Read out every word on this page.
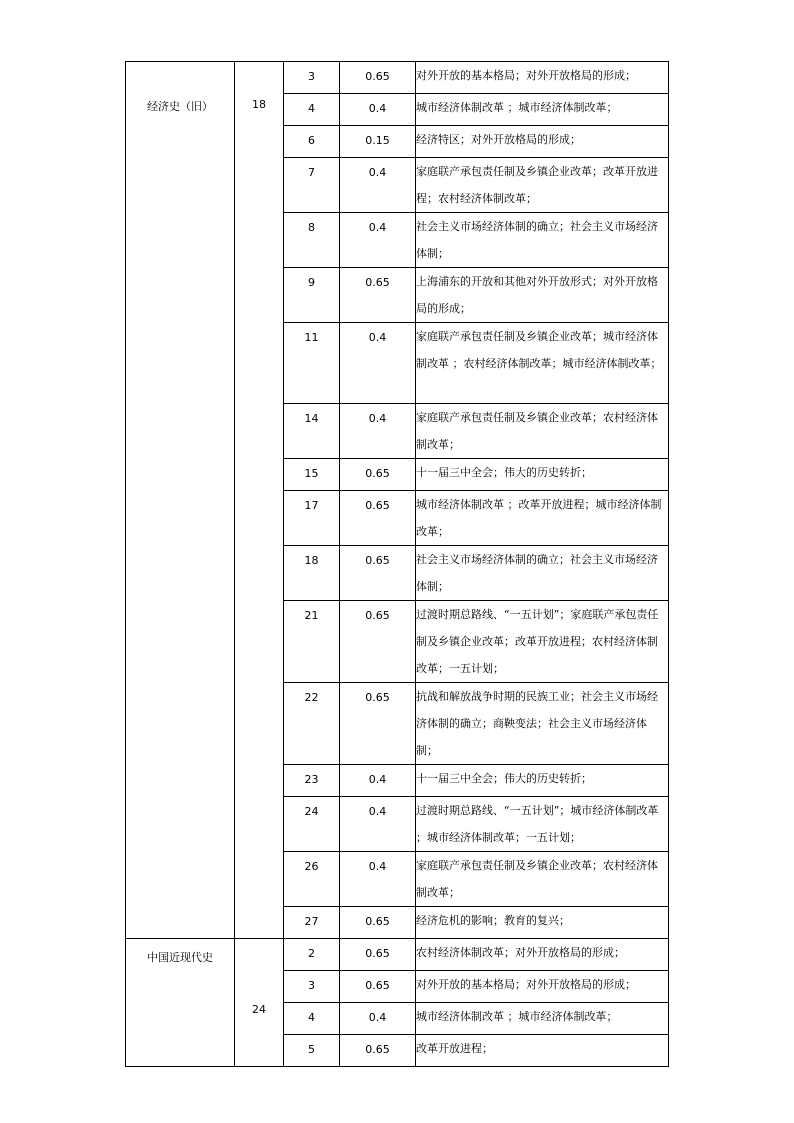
经济史（旧）	18	3	0.65	对外开放的基本格局；对外开放格局的形成；

		4	0.4	城市经济体制改革 ；城市经济体制改革；

		6	0.15	经济特区；对外开放格局的形成；

		7	0.4	家庭联产承包责任制及乡镇企业改革；改革开放进程；农村经济体制改革；

		8	0.4	社会主义市场经济体制的确立；社会主义市场经济体制；

		9	0.65	上海浦东的开放和其他对外开放形式；对外开放格局的形成；

		11	0.4	家庭联产承包责任制及乡镇企业改革；城市经济体制改革 ；农村经济体制改革；城市经济体制改革；

		14	0.4	家庭联产承包责任制及乡镇企业改革；农村经济体制改革；

		15	0.65	十一届三中全会；伟大的历史转折；

		17	0.65	城市经济体制改革 ；改革开放进程；城市经济体制改革；

		18	0.65	社会主义市场经济体制的确立；社会主义市场经济体制；

		21	0.65	过渡时期总路线、“一五计划”；家庭联产承包责任制及乡镇企业改革；改革开放进程；农村经济体制改革；一五计划；

		22	0.65	抗战和解放战争时期的民族工业；社会主义市场经济体制的确立；商鞅变法；社会主义市场经济体制；

		23	0.4	十一届三中全会；伟大的历史转折；

		24	0.4	过渡时期总路线、“一五计划”；城市经济体制改革 ；城市经济体制改革；一五计划；

		26	0.4	家庭联产承包责任制及乡镇企业改革；农村经济体制改革；

		27	0.65	经济危机的影响；教育的复兴；

中国近现代史	24	2	0.65	农村经济体制改革；对外开放格局的形成；

		3	0.65	对外开放的基本格局；对外开放格局的形成；

		4	0.4	城市经济体制改革 ；城市经济体制改革；

		5	0.65	改革开放进程；
